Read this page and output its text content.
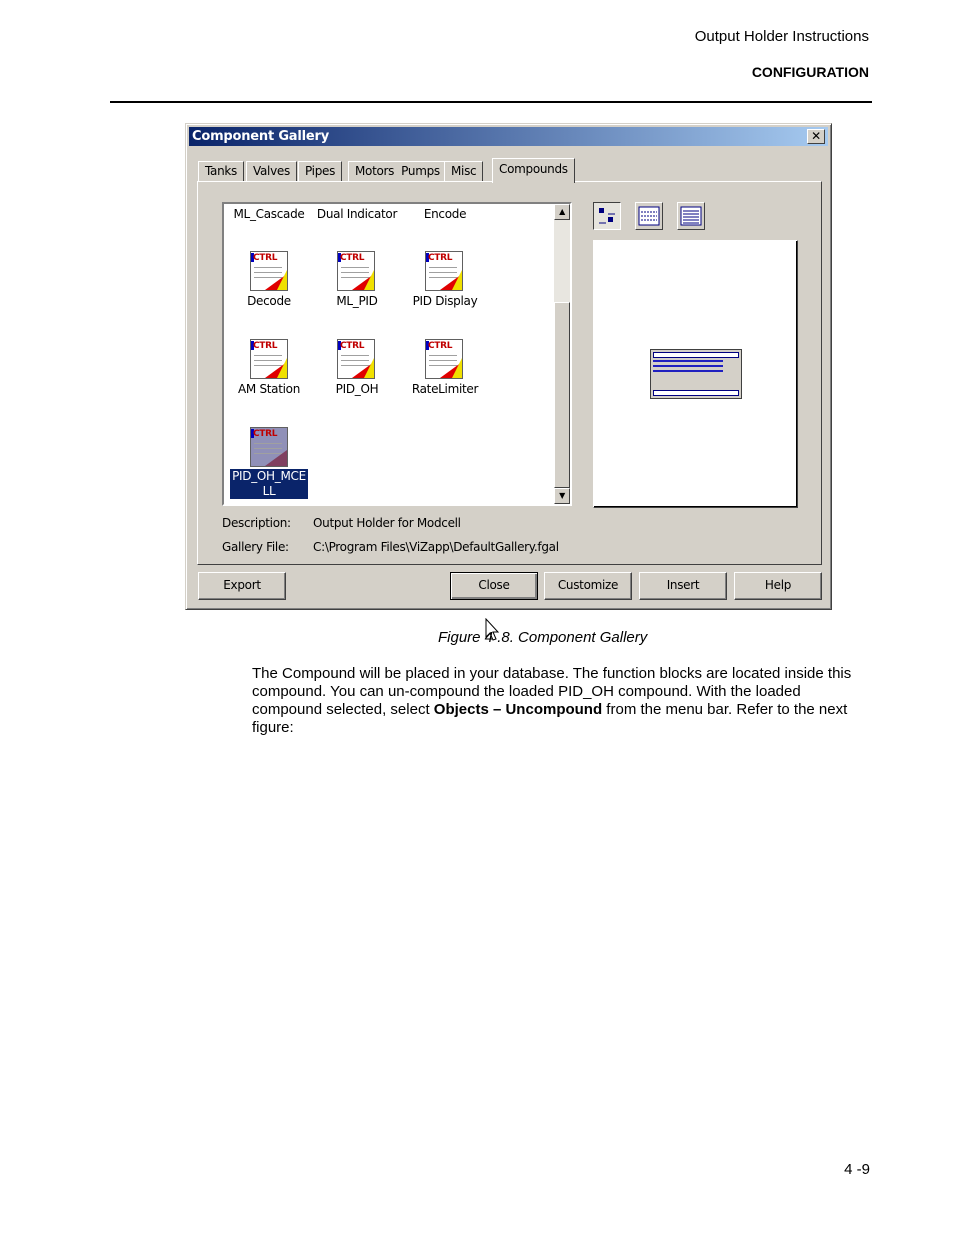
Output Holder Instructions
CONFIGURATION
Component Gallery	✕
Tanks	Valves	Pipes	Motors  Pumps Misc	Compounds
ML_Cascade	Dual Indicator	Encode
CTRL
Decode
CTRL
ML_PID
CTRL
PID Display
CTRL
AM Station
CTRL
PID_OH
CTRL
RateLimiter
CTRL
PID_OH_MCE
LL
▲
▼
Description: Output Holder for Modcell
Gallery File: C:\Program Files\ViZapp\DefaultGallery.fgal
Export	Close	Customize	Insert	Help
Figure 4 .8. Component Gallery

The Compound will be placed in your database. The function blocks are located inside this compound. You can un-compound the loaded PID_OH compound. With the loaded compound selected, select Objects – Uncompound from the menu bar. Refer to the next figure:

4 -9
